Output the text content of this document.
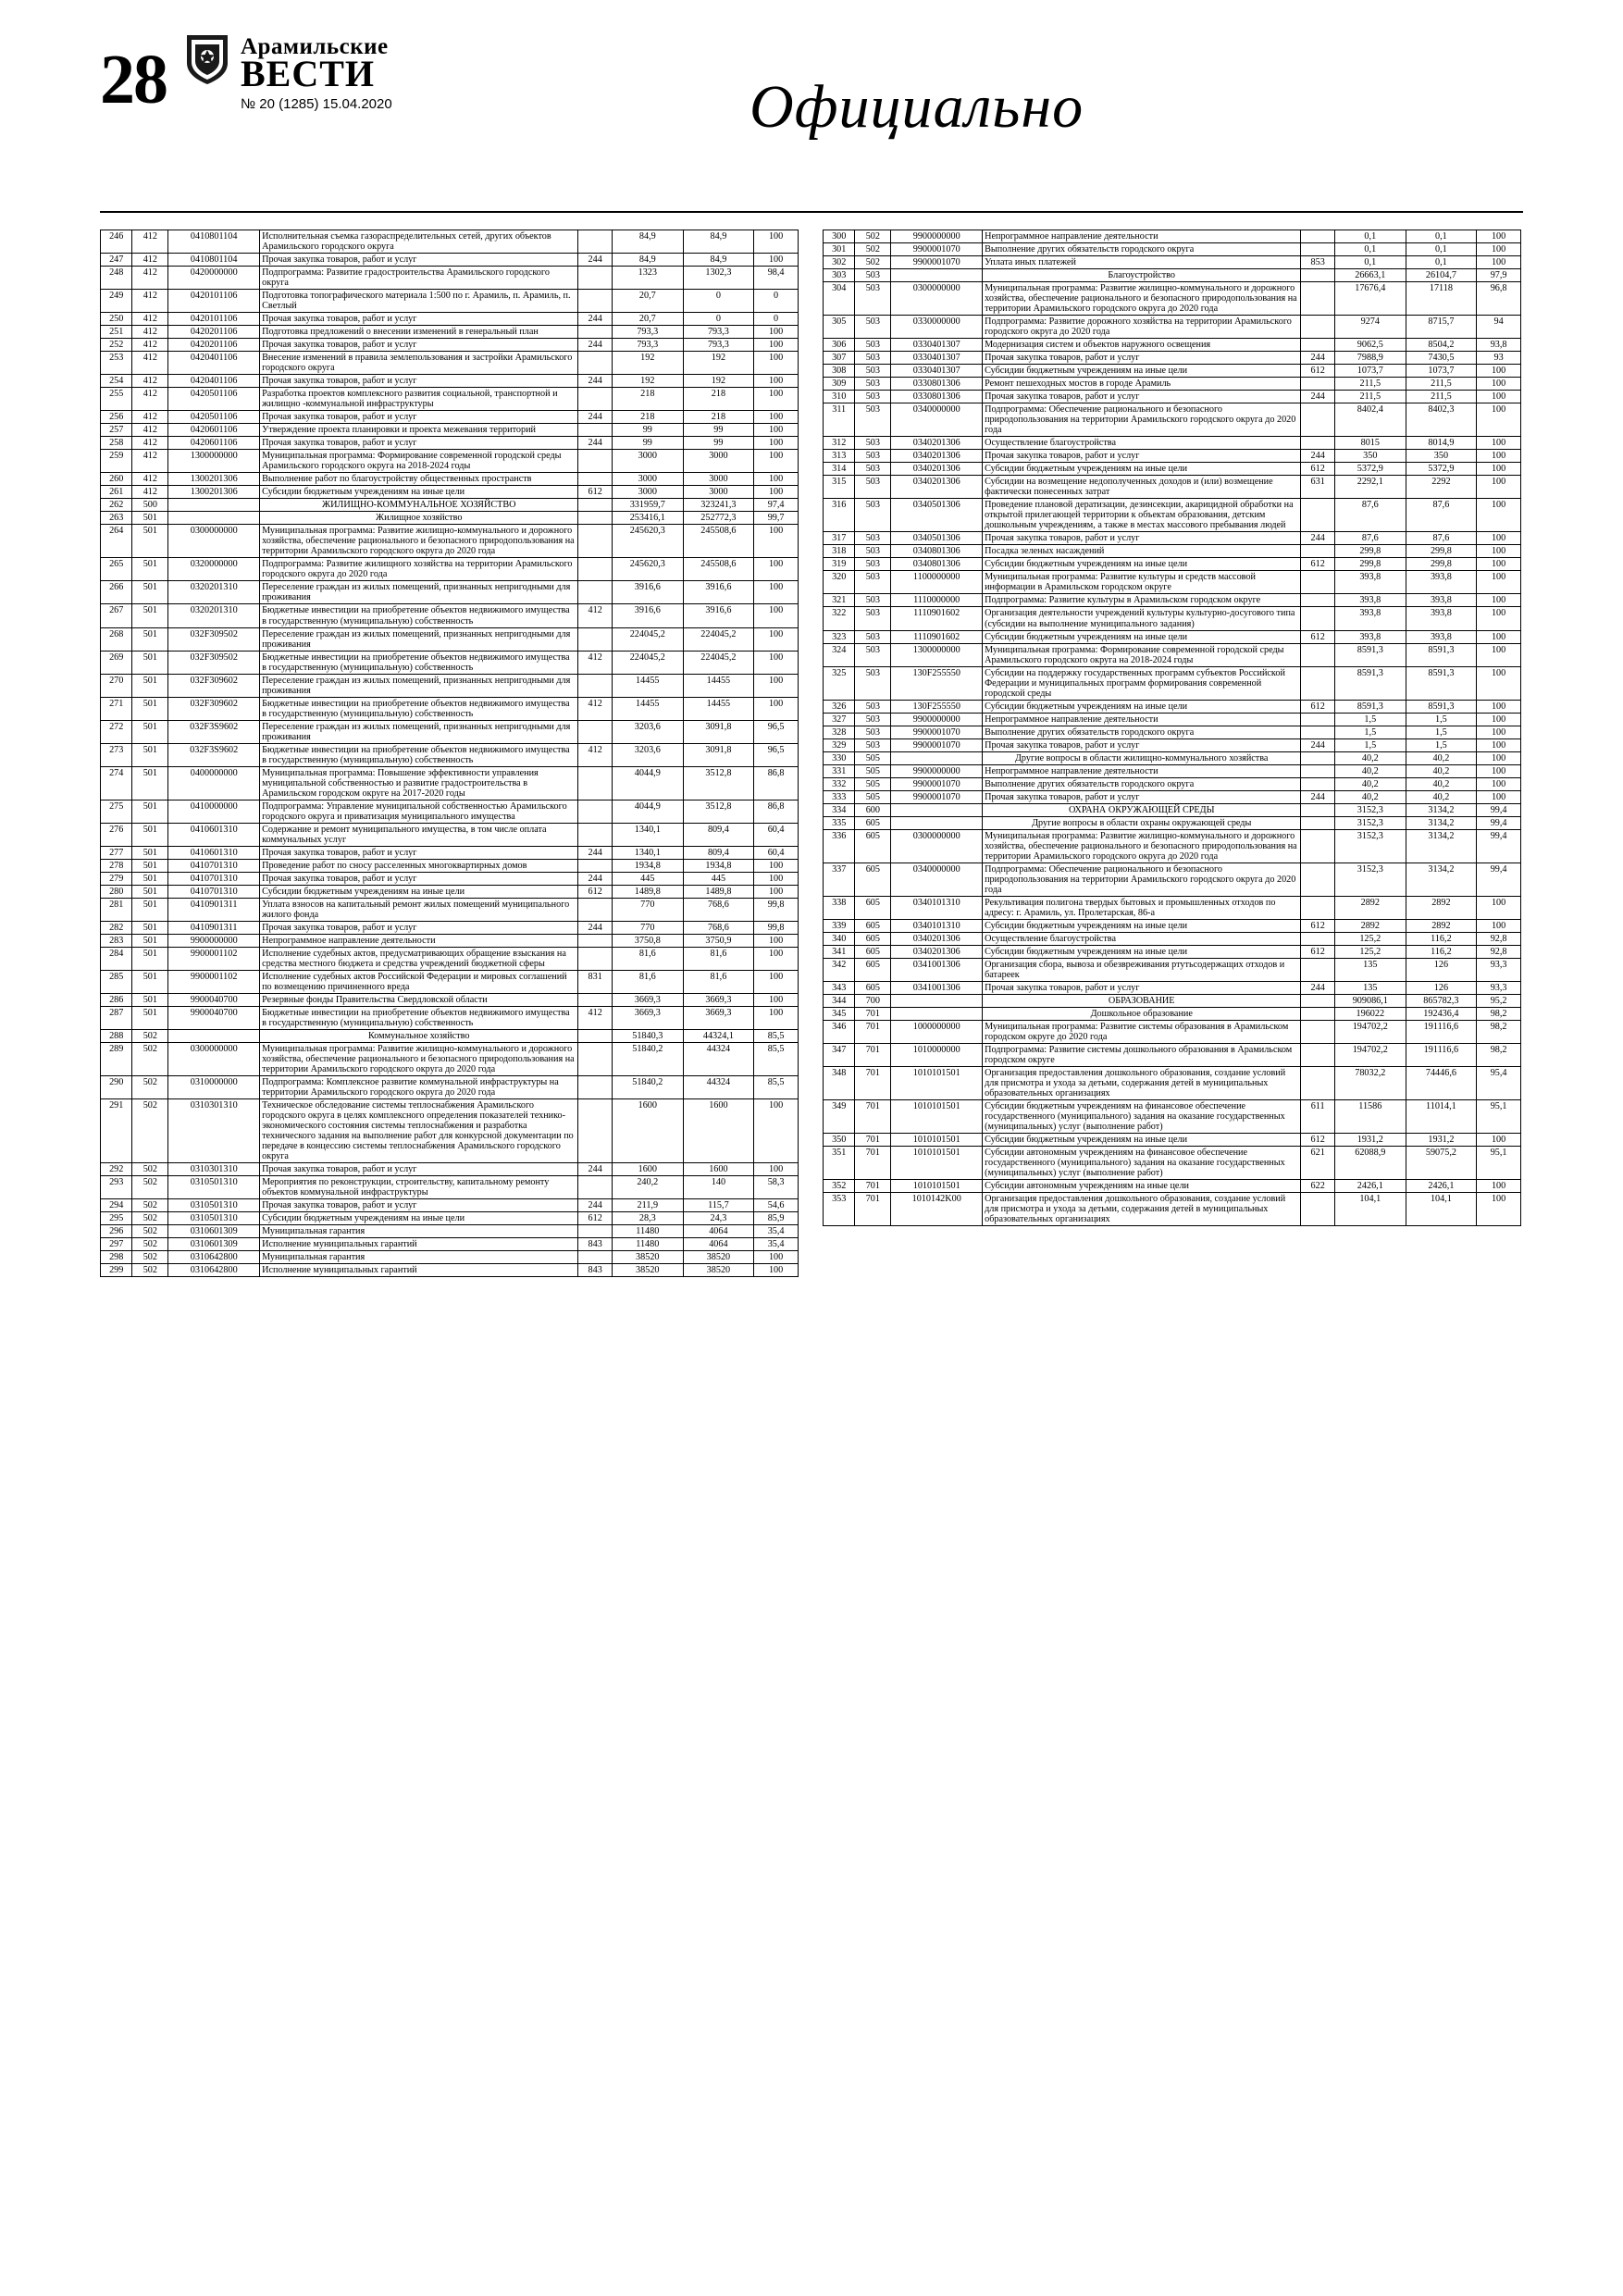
28	Арамильские
ВЕСТИ
№ 20 (1285) 15.04.2020	Официально
246	412	0410801104	Исполнительная съемка газораспределительных сетей, других объектов Арамильского городского округа		84,9	84,9	100
247	412	0410801104	Прочая закупка товаров, работ и услуг	244	84,9	84,9	100
248	412	0420000000	Подпрограмма: Развитие градостроительства Арамильского городского округа		1323	1302,3	98,4
249	412	0420101106	Подготовка топографического материала 1:500 по г. Арамиль, п. Арамиль, п. Светлый		20,7	0	0
250	412	0420101106	Прочая закупка товаров, работ и услуг	244	20,7	0	0
251	412	0420201106	Подготовка предложений о внесении изменений в генеральный план		793,3	793,3	100
252	412	0420201106	Прочая закупка товаров, работ и услуг	244	793,3	793,3	100
253	412	0420401106	Внесение изменений в правила землепользования и застройки Арамильского городского округа		192	192	100
254	412	0420401106	Прочая закупка товаров, работ и услуг	244	192	192	100
255	412	0420501106	Разработка проектов комплексного развития социальной, транспортной и жилищно -коммунальной инфраструктуры		218	218	100
256	412	0420501106	Прочая закупка товаров, работ и услуг	244	218	218	100
257	412	0420601106	Утверждение проекта планировки и проекта межевания территорий		99	99	100
258	412	0420601106	Прочая закупка товаров, работ и услуг	244	99	99	100
259	412	1300000000	Муниципальная программа: Формирование современной городской среды Арамильского городского округа на 2018-2024 годы		3000	3000	100
260	412	1300201306	Выполнение работ по благоустройству общественных пространств		3000	3000	100
261	412	1300201306	Субсидии бюджетным учреждениям на иные цели	612	3000	3000	100
262	500		ЖИЛИЩНО-КОММУНАЛЬНОЕ ХОЗЯЙСТВО		331959,7	323241,3	97,4
263	501		Жилищное хозяйство		253416,1	252772,3	99,7
264	501	0300000000	Муниципальная программа: Развитие жилищно-коммунального и дорожного хозяйства, обеспечение рационального и безопасного природопользования на территории Арамильского городского округа до 2020 года		245620,3	245508,6	100
265	501	0320000000	Подпрограмма: Развитие жилищного хозяйства на территории Арамильского городского округа до 2020 года		245620,3	245508,6	100
266	501	0320201310	Переселение граждан из жилых помещений, признанных непригодными для проживания		3916,6	3916,6	100
267	501	0320201310	Бюджетные инвестиции на приобретение объектов недвижимого имущества в государственную (муниципальную) собственность	412	3916,6	3916,6	100
268	501	032F309502	Переселение граждан из жилых помещений, признанных непригодными для проживания		224045,2	224045,2	100
269	501	032F309502	Бюджетные инвестиции на приобретение объектов недвижимого имущества в государственную (муниципальную) собственность	412	224045,2	224045,2	100
270	501	032F309602	Переселение граждан из жилых помещений, признанных непригодными для проживания		14455	14455	100
271	501	032F309602	Бюджетные инвестиции на приобретение объектов недвижимого имущества в государственную (муниципальную) собственность	412	14455	14455	100
272	501	032F3S9602	Переселение граждан из жилых помещений, признанных непригодными для проживания		3203,6	3091,8	96,5
273	501	032F3S9602	Бюджетные инвестиции на приобретение объектов недвижимого имущества в государственную (муниципальную) собственность	412	3203,6	3091,8	96,5
274	501	0400000000	Муниципальная программа: Повышение эффективности управления муниципальной собственностью и развитие градостроительства в Арамильском городском округе на 2017-2020 годы		4044,9	3512,8	86,8
275	501	0410000000	Подпрограмма: Управление муниципальной собственностью Арамильского городского округа и приватизация муниципального имущества		4044,9	3512,8	86,8
276	501	0410601310	Содержание и ремонт муниципального имущества, в том числе оплата коммунальных услуг		1340,1	809,4	60,4
277	501	0410601310	Прочая закупка товаров, работ и услуг	244	1340,1	809,4	60,4
278	501	0410701310	Проведение работ по сносу расселенных многоквартирных домов		1934,8	1934,8	100
279	501	0410701310	Прочая закупка товаров, работ и услуг	244	445	445	100
280	501	0410701310	Субсидии бюджетным учреждениям на иные цели	612	1489,8	1489,8	100
281	501	0410901311	Уплата взносов на капитальный ремонт жилых помещений муниципального жилого фонда		770	768,6	99,8
282	501	0410901311	Прочая закупка товаров, работ и услуг	244	770	768,6	99,8
283	501	9900000000	Непрограммное направление деятельности		3750,8	3750,9	100
284	501	9900001102	Исполнение судебных актов, предусматривающих обращение взыскания на средства местного бюджета и средства учреждений бюджетной сферы		81,6	81,6	100
285	501	9900001102	Исполнение судебных актов Российской Федерации и мировых соглашений по возмещению причиненного вреда	831	81,6	81,6	100
286	501	9900040700	Резервные фонды Правительства Свердловской области		3669,3	3669,3	100
287	501	9900040700	Бюджетные инвестиции на приобретение объектов недвижимого имущества в государственную (муниципальную) собственность	412	3669,3	3669,3	100
288	502		Коммунальное хозяйство		51840,3	44324,1	85,5
289	502	0300000000	Муниципальная программа: Развитие жилищно-коммунального и дорожного хозяйства, обеспечение рационального и безопасного природопользования на территории Арамильского городского округа до 2020 года		51840,2	44324	85,5
290	502	0310000000	Подпрограмма: Комплексное развитие коммунальной инфраструктуры на территории Арамильского городского округа до 2020 года		51840,2	44324	85,5
291	502	0310301310	Техническое обследование системы теплоснабжения Арамильского городского округа в целях комплексного определения показателей технико-экономического состояния системы теплоснабжения и разработка технического задания на выполнение работ для конкурсной документации по передаче в концессию системы теплоснабжения Арамильского городского округа		1600	1600	100
292	502	0310301310	Прочая закупка товаров, работ и услуг	244	1600	1600	100
293	502	0310501310	Мероприятия по реконструкции, строительству, капитальному ремонту объектов коммунальной инфраструктуры		240,2	140	58,3
294	502	0310501310	Прочая закупка товаров, работ и услуг	244	211,9	115,7	54,6
295	502	0310501310	Субсидии бюджетным учреждениям на иные цели	612	28,3	24,3	85,9
296	502	0310601309	Муниципальная гарантия		11480	4064	35,4
297	502	0310601309	Исполнение муниципальных гарантий	843	11480	4064	35,4
298	502	0310642800	Муниципальная гарантия		38520	38520	100
299	502	0310642800	Исполнение муниципальных гарантий	843	38520	38520	100
300	502	9900000000	Непрограммное направление деятельности		0,1	0,1	100
301	502	9900001070	Выполнение других обязательств городского округа		0,1	0,1	100
302	502	9900001070	Уплата иных платежей	853	0,1	0,1	100
303	503		Благоустройство		26663,1	26104,7	97,9
304	503	0300000000	Муниципальная программа: Развитие жилищно-коммунального и дорожного хозяйства, обеспечение рационального и безопасного природопользования на территории Арамильского городского округа до 2020 года		17676,4	17118	96,8
305	503	0330000000	Подпрограмма: Развитие дорожного хозяйства на территории Арамильского городского округа до 2020 года		9274	8715,7	94
306	503	0330401307	Модернизация систем и объектов наружного освещения		9062,5	8504,2	93,8
307	503	0330401307	Прочая закупка товаров, работ и услуг	244	7988,9	7430,5	93
308	503	0330401307	Субсидии бюджетным учреждениям на иные цели	612	1073,7	1073,7	100
309	503	0330801306	Ремонт пешеходных мостов в городе Арамиль		211,5	211,5	100
310	503	0330801306	Прочая закупка товаров, работ и услуг	244	211,5	211,5	100
311	503	0340000000	Подпрограмма: Обеспечение рационального и безопасного природопользования на территории Арамильского городского округа до 2020 года		8402,4	8402,3	100
312	503	0340201306	Осуществление благоустройства		8015	8014,9	100
313	503	0340201306	Прочая закупка товаров, работ и услуг	244	350	350	100
314	503	0340201306	Субсидии бюджетным учреждениям на иные цели	612	5372,9	5372,9	100
315	503	0340201306	Субсидии на возмещение недополученных доходов и (или) возмещение фактически понесенных затрат	631	2292,1	2292	100
316	503	0340501306	Проведение плановой дератизации, дезинсекции, акарицидной обработки на открытой прилегающей территории к объектам образования, детским дошкольным учреждениям, а также в местах массового пребывания людей		87,6	87,6	100
317	503	0340501306	Прочая закупка товаров, работ и услуг	244	87,6	87,6	100
318	503	0340801306	Посадка зеленых насаждений		299,8	299,8	100
319	503	0340801306	Субсидии бюджетным учреждениям на иные цели	612	299,8	299,8	100
320	503	1100000000	Муниципальная программа: Развитие культуры и средств массовой информации в Арамильском городском округе		393,8	393,8	100
321	503	1110000000	Подпрограмма: Развитие культуры в Арамильском городском округе		393,8	393,8	100
322	503	1110901602	Организация деятельности учреждений культуры культурно-досугового типа (субсидии на выполнение муниципального задания)		393,8	393,8	100
323	503	1110901602	Субсидии бюджетным учреждениям на иные цели	612	393,8	393,8	100
324	503	1300000000	Муниципальная программа: Формирование современной городской среды Арамильского городского округа на 2018-2024 годы		8591,3	8591,3	100
325	503	130F255550	Субсидии на поддержку государственных программ субъектов Российской Федерации и муниципальных программ формирования современной городской среды		8591,3	8591,3	100
326	503	130F255550	Субсидии бюджетным учреждениям на иные цели	612	8591,3	8591,3	100
327	503	9900000000	Непрограммное направление деятельности		1,5	1,5	100
328	503	9900001070	Выполнение других обязательств городского округа		1,5	1,5	100
329	503	9900001070	Прочая закупка товаров, работ и услуг	244	1,5	1,5	100
330	505		Другие вопросы в области жилищно-коммунального хозяйства		40,2	40,2	100
331	505	9900000000	Непрограммное направление деятельности		40,2	40,2	100
332	505	9900001070	Выполнение других обязательств городского округа		40,2	40,2	100
333	505	9900001070	Прочая закупка товаров, работ и услуг	244	40,2	40,2	100
334	600		ОХРАНА ОКРУЖАЮЩЕЙ СРЕДЫ		3152,3	3134,2	99,4
335	605		Другие вопросы в области охраны окружающей среды		3152,3	3134,2	99,4
336	605	0300000000	Муниципальная программа: Развитие жилищно-коммунального и дорожного хозяйства, обеспечение рационального и безопасного природопользования на территории Арамильского городского округа до 2020 года		3152,3	3134,2	99,4
337	605	0340000000	Подпрограмма: Обеспечение рационального и безопасного природопользования на территории Арамильского городского округа до 2020 года		3152,3	3134,2	99,4
338	605	0340101310	Рекультивация полигона твердых бытовых и промышленных отходов по адресу: г. Арамиль, ул. Пролетарская, 86-а		2892	2892	100
339	605	0340101310	Субсидии бюджетным учреждениям на иные цели	612	2892	2892	100
340	605	0340201306	Осуществление благоустройства		125,2	116,2	92,8
341	605	0340201306	Субсидии бюджетным учреждениям на иные цели	612	125,2	116,2	92,8
342	605	0341001306	Организация сбора, вывоза и обезвреживания ртутьсодержащих отходов и батареек		135	126	93,3
343	605	0341001306	Прочая закупка товаров, работ и услуг	244	135	126	93,3
344	700		ОБРАЗОВАНИЕ		909086,1	865782,3	95,2
345	701		Дошкольное образование		196022	192436,4	98,2
346	701	1000000000	Муниципальная программа: Развитие системы образования в Арамильском городском округе до 2020 года		194702,2	191116,6	98,2
347	701	1010000000	Подпрограмма: Развитие системы дошкольного образования в Арамильском городском округе		194702,2	191116,6	98,2
348	701	1010101501	Организация предоставления дошкольного образования, создание условий для присмотра и ухода за детьми, содержания детей в муниципальных образовательных организациях		78032,2	74446,6	95,4
349	701	1010101501	Субсидии бюджетным учреждениям на финансовое обеспечение государственного (муниципального) задания на оказание государственных (муниципальных) услуг (выполнение работ)	611	11586	11014,1	95,1
350	701	1010101501	Субсидии бюджетным учреждениям на иные цели	612	1931,2	1931,2	100
351	701	1010101501	Субсидии автономным учреждениям на финансовое обеспечение государственного (муниципального) задания на оказание государственных (муниципальных) услуг (выполнение работ)	621	62088,9	59075,2	95,1
352	701	1010101501	Субсидии автономным учреждениям на иные цели	622	2426,1	2426,1	100
353	701	1010142K00	Организация предоставления дошкольного образования, создание условий для присмотра и ухода за детьми, содержания детей в муниципальных образовательных организациях		104,1	104,1	100
